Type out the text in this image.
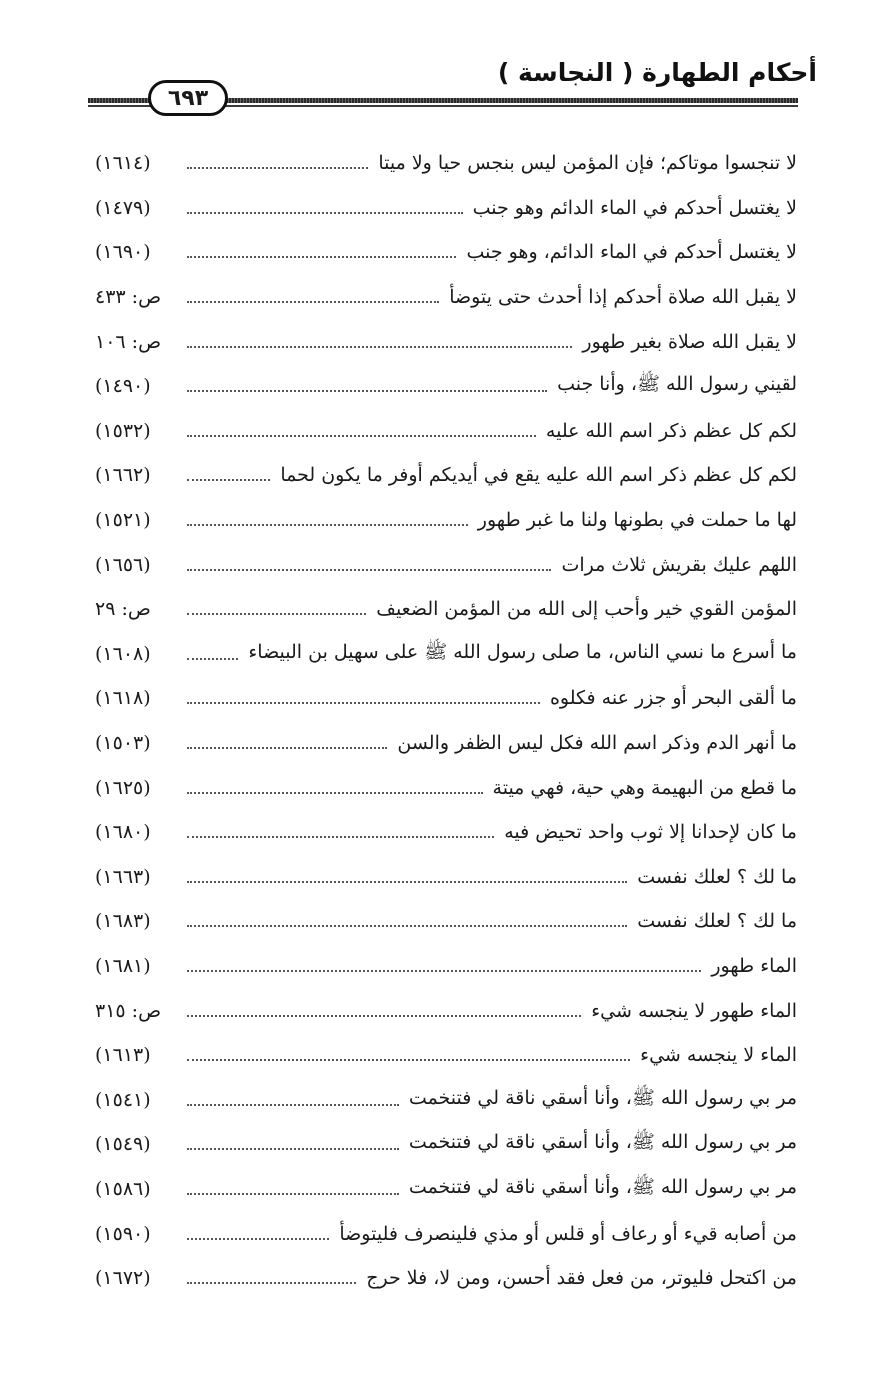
أحكام الطهارة ( النجاسة )
٦٩٣
لا تنجسوا موتاكم؛ فإن المؤمن ليس بنجس حيا ولا ميتا
(١٦١٤)
لا يغتسل أحدكم في الماء الدائم وهو جنب
(١٤٧٩)
لا يغتسل أحدكم في الماء الدائم، وهو جنب
(١٦٩٠)
لا يقبل الله صلاة أحدكم إذا أحدث حتى يتوضأ
ص: ٤٣٣
لا يقبل الله صلاة بغير طهور
ص: ١٠٦
لقيني رسول الله ﷺ، وأنا جنب
(١٤٩٠)
لكم كل عظم ذكر اسم الله عليه
(١٥٣٢)
لكم كل عظم ذكر اسم الله عليه يقع في أيديكم أوفر ما يكون لحما
(١٦٦٢)
لها ما حملت في بطونها ولنا ما غبر طهور
(١٥٢١)
اللهم عليك بقريش ثلاث مرات
(١٦٥٦)
المؤمن القوي خير وأحب إلى الله من المؤمن الضعيف
ص: ٢٩
ما أسرع ما نسي الناس، ما صلى رسول الله ﷺ على سهيل بن البيضاء
(١٦٠٨)
ما ألقى البحر أو جزر عنه فكلوه
(١٦١٨)
ما أنهر الدم وذكر اسم الله فكل ليس الظفر والسن
(١٥٠٣)
ما قطع من البهيمة وهي حية، فهي ميتة
(١٦٢٥)
ما كان لإحدانا إلا ثوب واحد تحيض فيه
(١٦٨٠)
ما لك ؟ لعلك نفست
(١٦٦٣)
ما لك ؟ لعلك نفست
(١٦٨٣)
الماء طهور
(١٦٨١)
الماء طهور لا ينجسه شيء
ص: ٣١٥
الماء لا ينجسه شيء
(١٦١٣)
مر بي رسول الله ﷺ، وأنا أسقي ناقة لي فتنخمت
(١٥٤١)
مر بي رسول الله ﷺ، وأنا أسقي ناقة لي فتنخمت
(١٥٤٩)
مر بي رسول الله ﷺ، وأنا أسقي ناقة لي فتنخمت
(١٥٨٦)
من أصابه قيء أو رعاف أو قلس أو مذي فلينصرف فليتوضأ
(١٥٩٠)
من اكتحل فليوتر، من فعل فقد أحسن، ومن لا، فلا حرج
(١٦٧٢)
